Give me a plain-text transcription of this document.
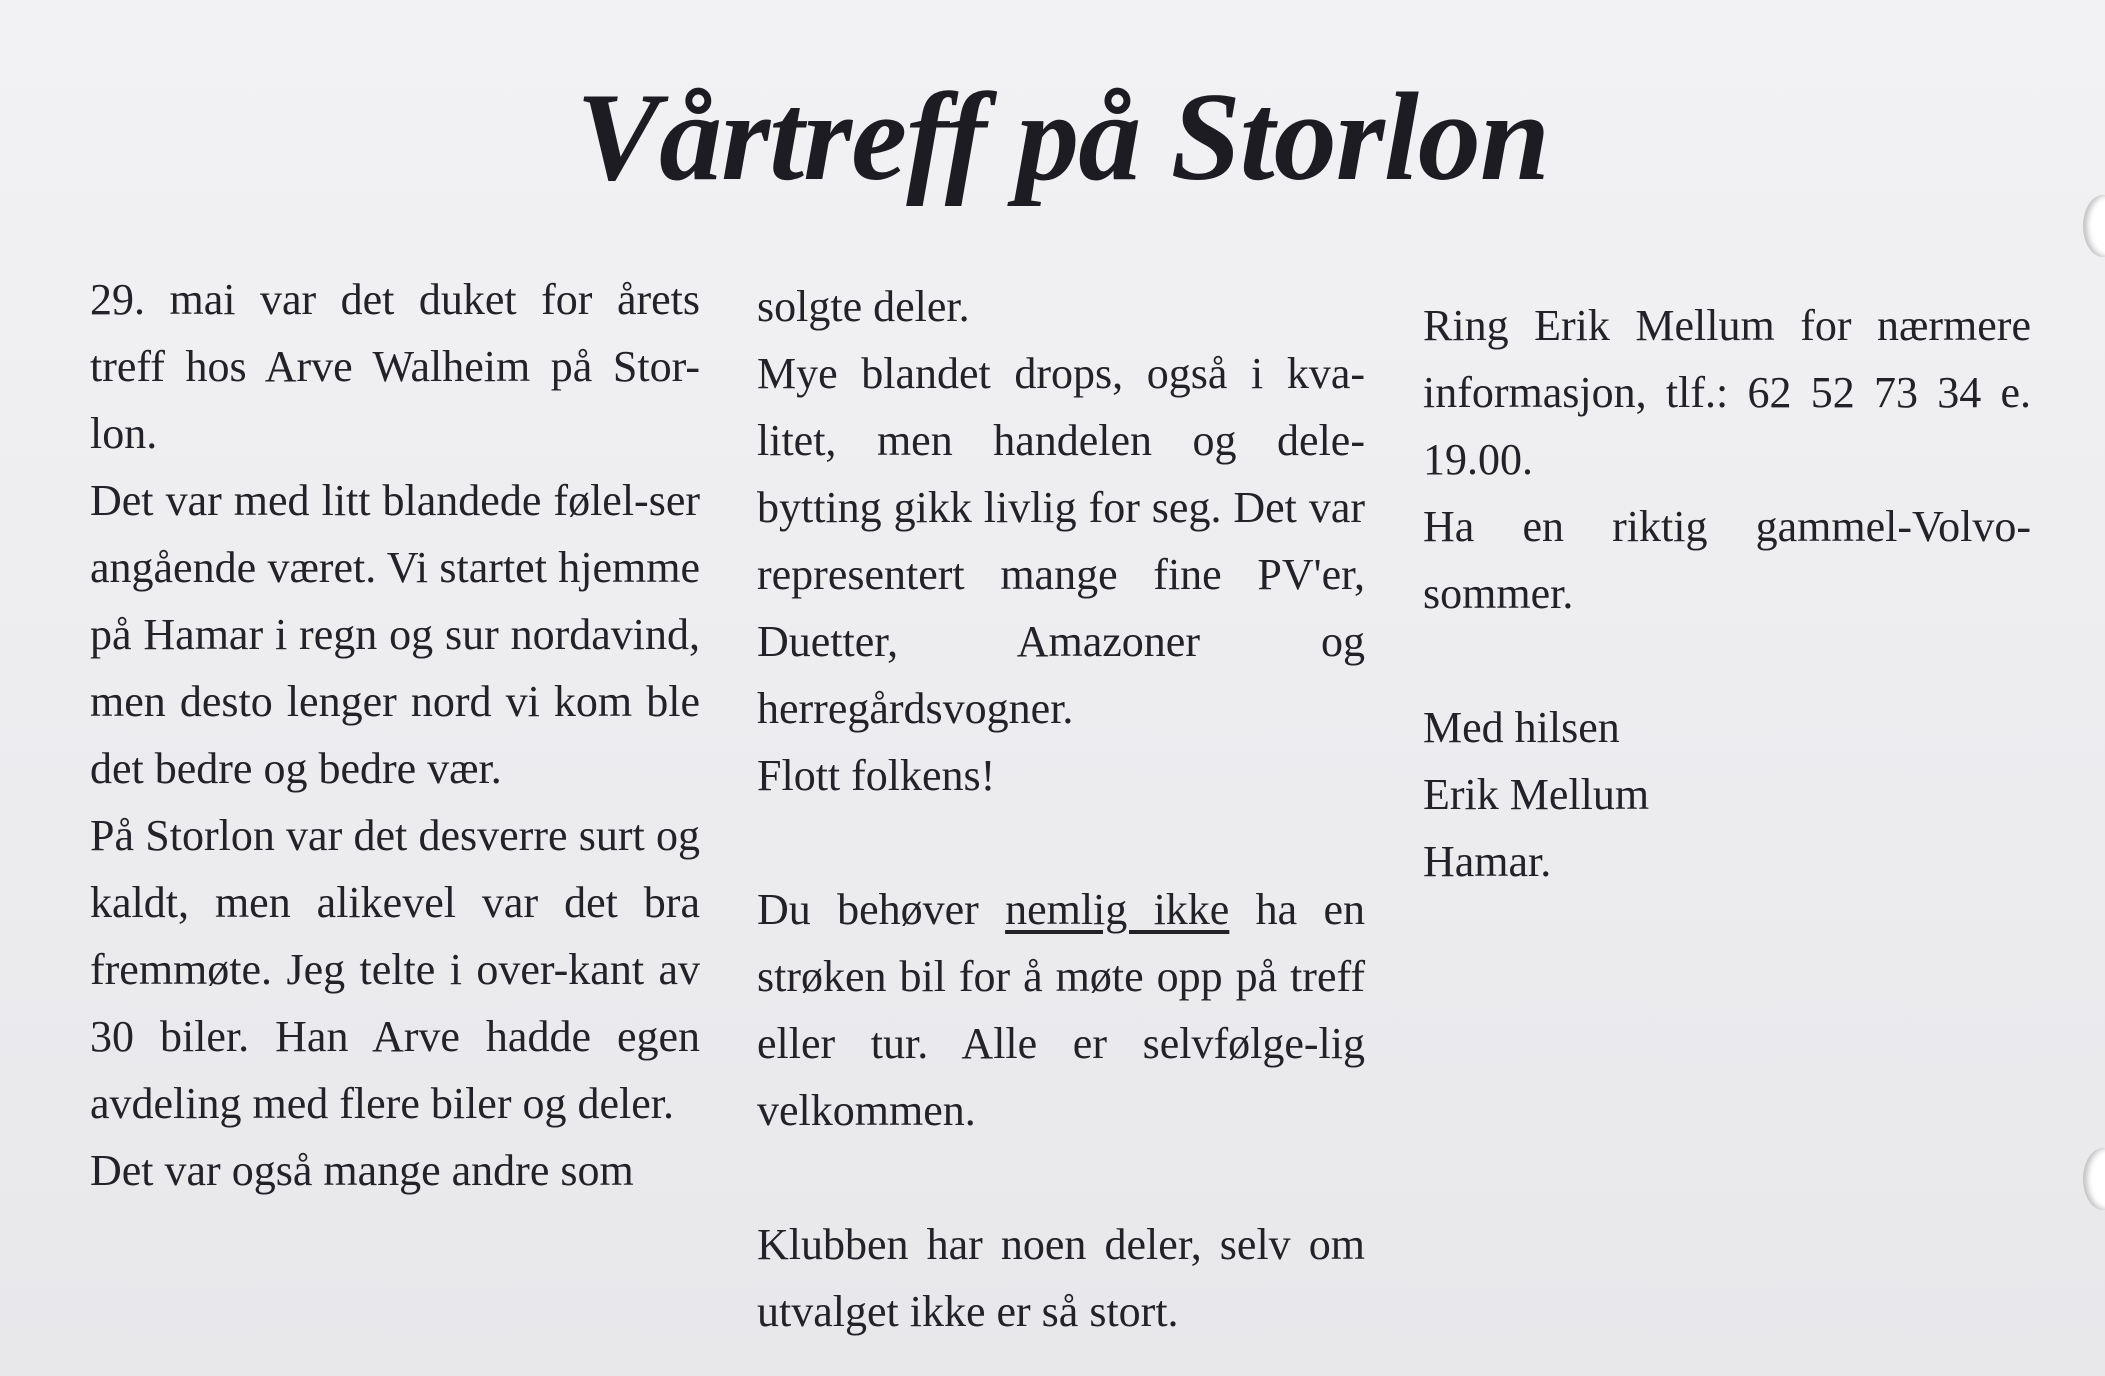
Vårtreff på Storlon

29. mai var det duket for årets treff hos Arve Walheim på Stor-lon.

Det var med litt blandede følel-ser angående været. Vi startet hjemme på Hamar i regn og sur nordavind, men desto lenger nord vi kom ble det bedre og bedre vær.

På Storlon var det desverre surt og kaldt, men alikevel var det bra fremmøte. Jeg telte i over-kant av 30 biler. Han Arve hadde egen avdeling med flere biler og deler.

Det var også mange andre som

solgte deler.

Mye blandet drops, også i kva-litet, men handelen og dele-bytting gikk livlig for seg. Det var representert mange fine PV'er, Duetter, Amazoner og herregårdsvogner.

Flott folkens!

Du behøver nemlig ikke ha en strøken bil for å møte opp på treff eller tur. Alle er selvfølge-lig velkommen.

Klubben har noen deler, selv om utvalget ikke er så stort.

Ring Erik Mellum for nærmere informasjon, tlf.: 62 52 73 34 e. 19.00.

Ha en riktig gammel-Volvo-sommer.

Med hilsen

Erik Mellum

Hamar.
